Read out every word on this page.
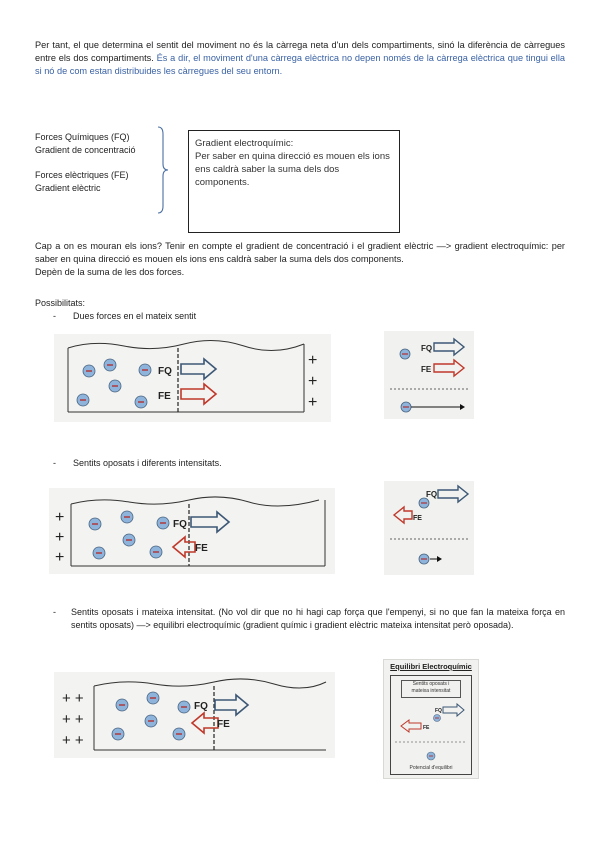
Per tant, el que determina el sentit del moviment no és la càrrega neta d'un dels compartiments, sinó la diferència de càrregues entre els dos compartiments. És a dir, el moviment d'una càrrega elèctrica no depen només de la càrrega elèctrica que tingui ella si nó de com estan distribuides les càrregues del seu entorn.
Forces Químiques (FQ)
Gradient de concentració
Forces elèctriques (FE)
Gradient elèctric
Gradient electroquímic:
Per saber en quina direcció es mouen els ions ens caldrà saber la suma dels dos components.
Cap a on es mouran els ions? Tenir en compte el gradient de concentració i el gradient elèctric —> gradient electroquímic: per saber en quina direcció es mouen els ions ens caldrà saber la suma dels dos components.
Depèn de la suma de les dos forces.
Possibilitats:
- Dues forces en el mateix sentit
FQ
FE
+
+
+
FQ
FE
- Sentits oposats i diferents intensitats.
FQ
FE
+
+
+
FQ
FE
- Sentits oposats i mateixa intensitat. (No vol dir que no hi hagi cap força que l'empenyi, si no que fan la mateixa força en sentits oposats) —> equilibri electroquímic (gradient químic i gradient elèctric mateixa intensitat però oposada).
FQ
FE
+ +
+ +
+ +
Equilibri Electroquímic
Sentits oposats i
mateixa intensitat
FQ
FE
Potencial d'equilibri
